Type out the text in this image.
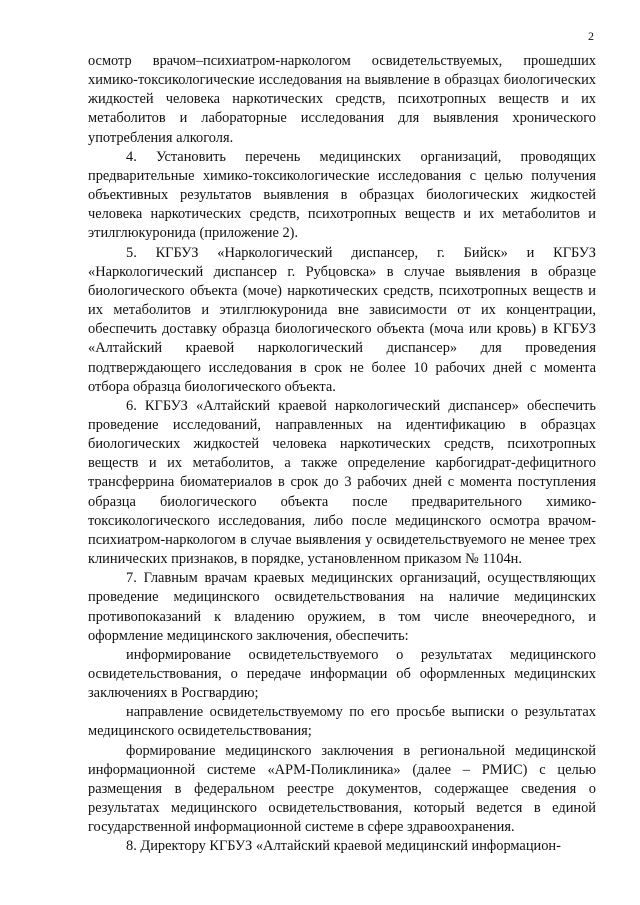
2

осмотр врачом–психиатром-наркологом освидетельствуемых, прошедших химико-токсикологические исследования на выявление в образцах биологических жидкостей человека наркотических средств, психотропных веществ и их метаболитов и лабораторные исследования для выявления хронического употребления алкоголя.

4. Установить перечень медицинских организаций, проводящих предварительные химико-токсикологические исследования с целью получения объективных результатов выявления в образцах биологических жидкостей человека наркотических средств, психотропных веществ и их метаболитов и этилглюкуронида (приложение 2).

5. КГБУЗ «Наркологический диспансер, г. Бийск» и КГБУЗ «Наркологический диспансер г. Рубцовска» в случае выявления в образце биологического объекта (моче) наркотических средств, психотропных веществ и их метаболитов и этилглюкуронида вне зависимости от их концентрации, обеспечить доставку образца биологического объекта (моча или кровь) в КГБУЗ «Алтайский краевой наркологический диспансер» для проведения подтверждающего исследования в срок не более 10 рабочих дней с момента отбора образца биологического объекта.

6. КГБУЗ «Алтайский краевой наркологический диспансер» обеспечить проведение исследований, направленных на идентификацию в образцах биологических жидкостей человека наркотических средств, психотропных веществ и их метаболитов, а также определение карбогидрат-дефицитного трансферрина биоматериалов в срок до 3 рабочих дней с момента поступления образца биологического объекта после предварительного химико-токсикологического исследования, либо после медицинского осмотра врачом-психиатром-наркологом в случае выявления у освидетельствуемого не менее трех клинических признаков, в порядке, установленном приказом № 1104н.

7. Главным врачам краевых медицинских организаций, осуществляющих проведение медицинского освидетельствования на наличие медицинских противопоказаний к владению оружием, в том числе внеочередного, и оформление медицинского заключения, обеспечить:

информирование освидетельствуемого о результатах медицинского освидетельствования, о передаче информации об оформленных медицинских заключениях в Росгвардию;

направление освидетельствуемому по его просьбе выписки о результатах медицинского освидетельствования;

формирование медицинского заключения в региональной медицинской информационной системе «АРМ-Поликлиника» (далее – РМИС) с целью размещения в федеральном реестре документов, содержащее сведения о результатах медицинского освидетельствования, который ведется в единой государственной информационной системе в сфере здравоохранения.

8. Директору КГБУЗ «Алтайский краевой медицинский информацион-
